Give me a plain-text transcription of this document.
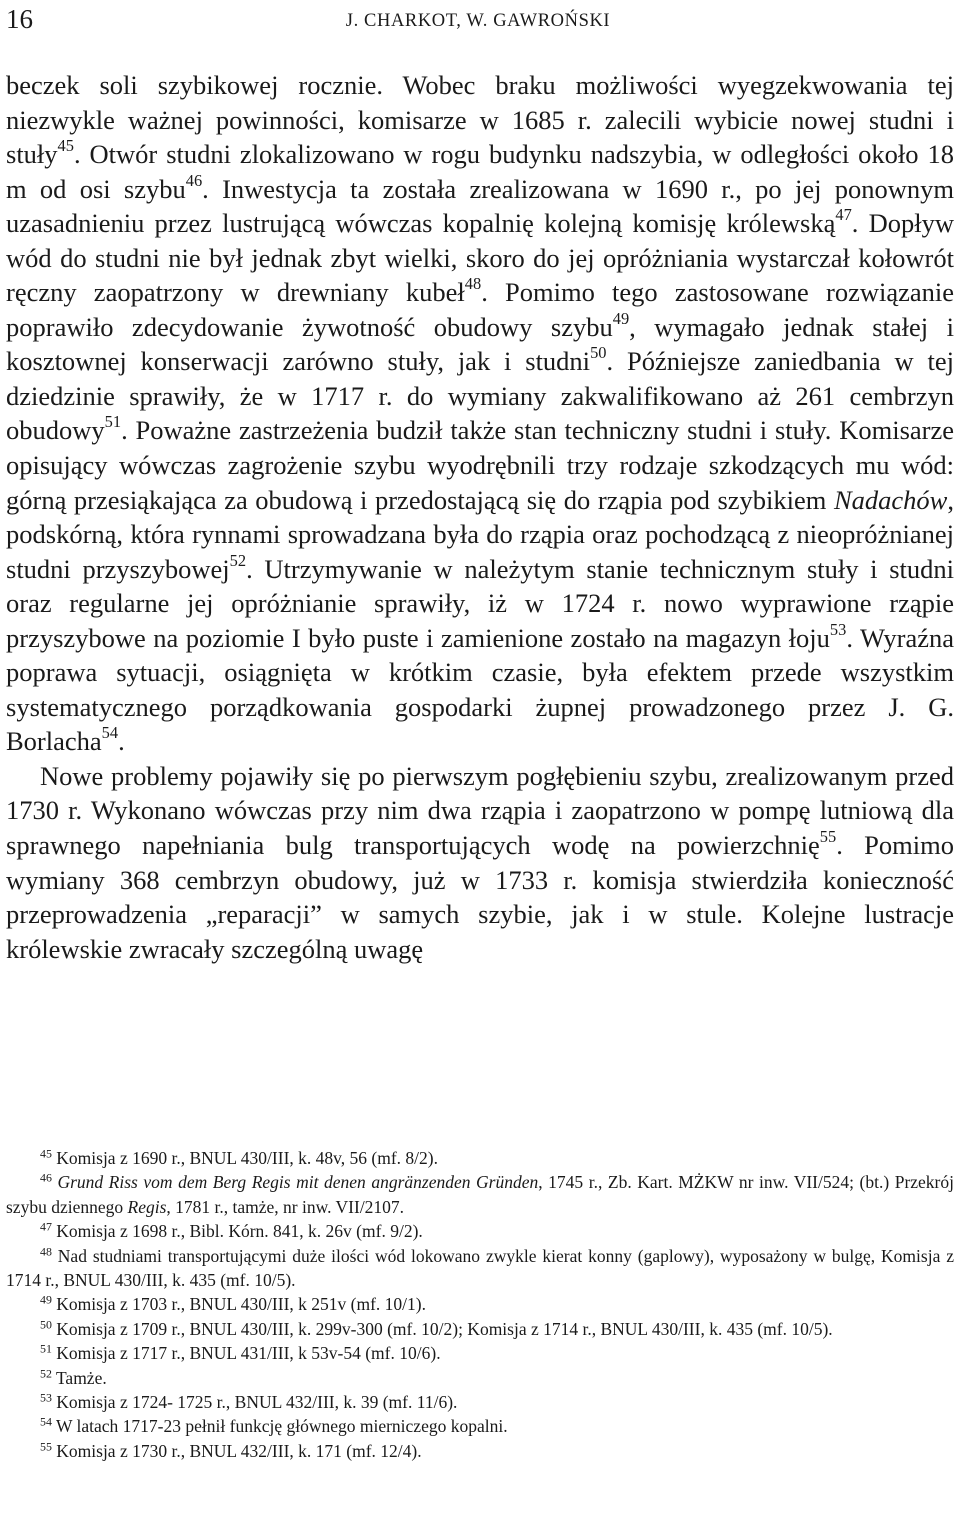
16	J. CHARKOT, W. GAWROŃSKI

beczek soli szybikowej rocznie. Wobec braku możliwości wyegzekwowania tej niezwykle ważnej powinności, komisarze w 1685 r. zalecili wybicie nowej studni i stuły$^{45}$. Otwór studni zlokalizowano w rogu budynku nadszybia, w odległości około 18 m od osi szybu$^{46}$. Inwestycja ta została zrealizowana w 1690 r., po jej ponownym uzasadnieniu przez lustrującą wówczas kopalnię kolejną komisję królewską$^{47}$. Dopływ wód do studni nie był jednak zbyt wielki, skoro do jej opróżniania wystarczał kołowrót ręczny zaopatrzony w drewniany kubeł$^{48}$. Pomimo tego zastosowane rozwiązanie poprawiło zdecydowanie żywotność obudowy szybu$^{49}$, wymagało jednak stałej i kosztownej konserwacji zarówno stuły, jak i studni$^{50}$. Późniejsze zaniedbania w tej dziedzinie sprawiły, że w 1717 r. do wymiany zakwalifikowano aż 261 cembrzyn obudowy$^{51}$. Poważne zastrzeżenia budził także stan techniczny studni i stuły. Komisarze opisujący wówczas zagrożenie szybu wyodrębnili trzy rodzaje szkodzących mu wód: górną przesiąkająca za obudową i przedostającą się do rząpia pod szybikiem Nadachów, podskórną, która rynnami sprowadzana była do rząpia oraz pochodzącą z nieopróżnianej studni przyszybowej$^{52}$. Utrzymywanie w należytym stanie technicznym stuły i studni oraz regularne jej opróżnianie sprawiły, iż w 1724 r. nowo wyprawione rząpie przyszybowe na poziomie I było puste i zamienione zostało na magazyn łoju$^{53}$. Wyraźna poprawa sytuacji, osiągnięta w krótkim czasie, była efektem przede wszystkim systematycznego porządkowania gospodarki żupnej prowadzonego przez J. G. Borlacha$^{54}$.

Nowe problemy pojawiły się po pierwszym pogłębieniu szybu, zrealizowanym przed 1730 r. Wykonano wówczas przy nim dwa rząpia i zaopatrzono w pompę lutniową dla sprawnego napełniania bulg transportujących wodę na powierzchnię$^{55}$. Pomimo wymiany 368 cembrzyn obudowy, już w 1733 r. komisja stwierdziła konieczność przeprowadzenia „reparacji” w samych szybie, jak i w stule. Kolejne lustracje królewskie zwracały szczególną uwagę

$^{45}$ Komisja z 1690 r., BNUL 430/III, k. 48v, 56 (mf. 8/2).
$^{46}$ Grund Riss vom dem Berg Regis mit denen angränzenden Gründen, 1745 r., Zb. Kart. MŻKW nr inw. VII/524; (bt.) Przekrój szybu dziennego Regis, 1781 r., tamże, nr inw. VII/2107.
$^{47}$ Komisja z 1698 r., Bibl. Kórn. 841, k. 26v (mf. 9/2).
$^{48}$ Nad studniami transportującymi duże ilości wód lokowano zwykle kierat konny (gaplowy), wyposażony w bulgę, Komisja z 1714 r., BNUL 430/III, k. 435 (mf. 10/5).
$^{49}$ Komisja z 1703 r., BNUL 430/III, k 251v (mf. 10/1).
$^{50}$ Komisja z 1709 r., BNUL 430/III, k. 299v-300 (mf. 10/2); Komisja z 1714 r., BNUL 430/III, k. 435 (mf. 10/5).
$^{51}$ Komisja z 1717 r., BNUL 431/III, k 53v-54 (mf. 10/6).
$^{52}$ Tamże.
$^{53}$ Komisja z 1724- 1725 r., BNUL 432/III, k. 39 (mf. 11/6).
$^{54}$ W latach 1717-23 pełnił funkcję głównego mierniczego kopalni.
$^{55}$ Komisja z 1730 r., BNUL 432/III, k. 171 (mf. 12/4).
